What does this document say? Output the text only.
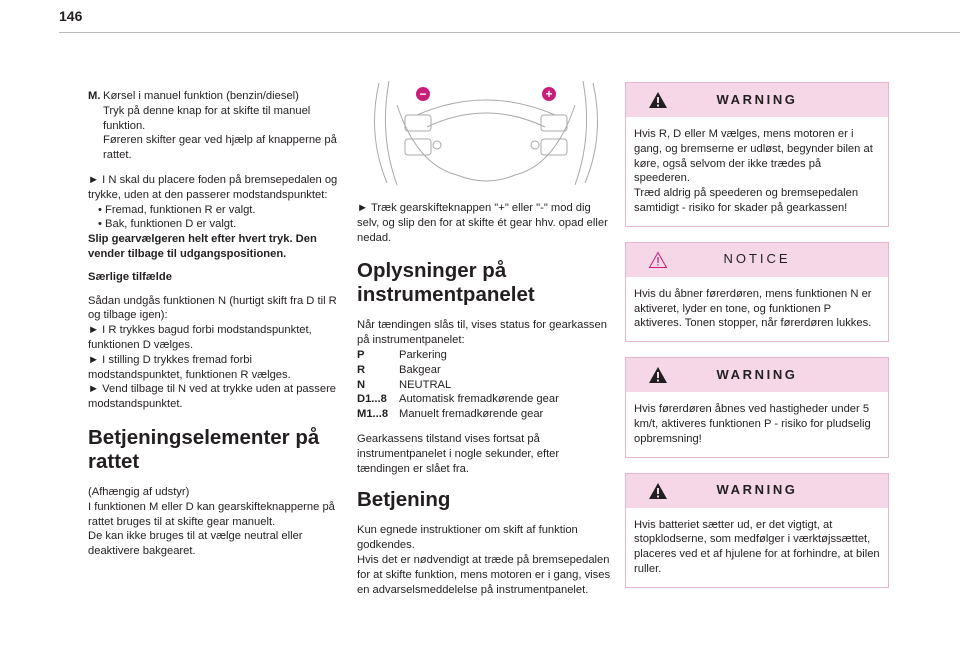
146
M. Kørsel i manuel funktion (benzin/diesel)
Tryk på denne knap for at skifte til manuel funktion.
Føreren skifter gear ved hjælp af knapperne på rattet.
► I N skal du placere foden på bremsepedalen og trykke, uden at den passerer modstandspunktet:
• Fremad, funktionen R er valgt.
• Bak, funktionen D er valgt.
Slip gearvælgeren helt efter hvert tryk. Den vender tilbage til udgangspositionen.
Særlige tilfælde
Sådan undgås funktionen N (hurtigt skift fra D til R og tilbage igen):
► I R trykkes bagud forbi modstandspunktet, funktionen D vælges.
► I stilling D trykkes fremad forbi modstandspunktet, funktionen R vælges.
► Vend tilbage til N ved at trykke uden at passere modstandspunktet.
Betjeningselementer på rattet
(Afhængig af udstyr)
I funktionen M eller D kan gearskifteknapperne på rattet bruges til at skifte gear manuelt.
De kan ikke bruges til at vælge neutral eller deaktivere bakgearet.
−	+
► Træk gearskifteknappen "+" eller "-" mod dig selv, og slip den for at skifte ét gear hhv. opad eller nedad.
Oplysninger på instrumentpanelet
Når tændingen slås til, vises status for gearkassen på instrumentpanelet:
P	Parkering
R	Bakgear
N	NEUTRAL
D1...8	Automatisk fremadkørende gear
M1...8	Manuelt fremadkørende gear
Gearkassens tilstand vises fortsat på instrumentpanelet i nogle sekunder, efter tændingen er slået fra.
Betjening
Kun egnede instruktioner om skift af funktion godkendes.
Hvis det er nødvendigt at træde på bremsepedalen for at skifte funktion, mens motoren er i gang, vises en advarselsmeddelelse på instrumentpanelet.
WARNING
Hvis R, D eller M vælges, mens motoren er i gang, og bremserne er udløst, begynder bilen at køre, også selvom der ikke trædes på speederen.
Træd aldrig på speederen og bremsepedalen samtidigt - risiko for skader på gearkassen!
NOTICE
Hvis du åbner førerdøren, mens funktionen N er aktiveret, lyder en tone, og funktionen P aktiveres. Tonen stopper, når førerdøren lukkes.
WARNING
Hvis førerdøren åbnes ved hastigheder under 5 km/t, aktiveres funktionen P - risiko for pludselig opbremsning!
WARNING
Hvis batteriet sætter ud, er det vigtigt, at stopklodserne, som medfølger i værktøjssættet, placeres ved et af hjulene for at forhindre, at bilen ruller.
